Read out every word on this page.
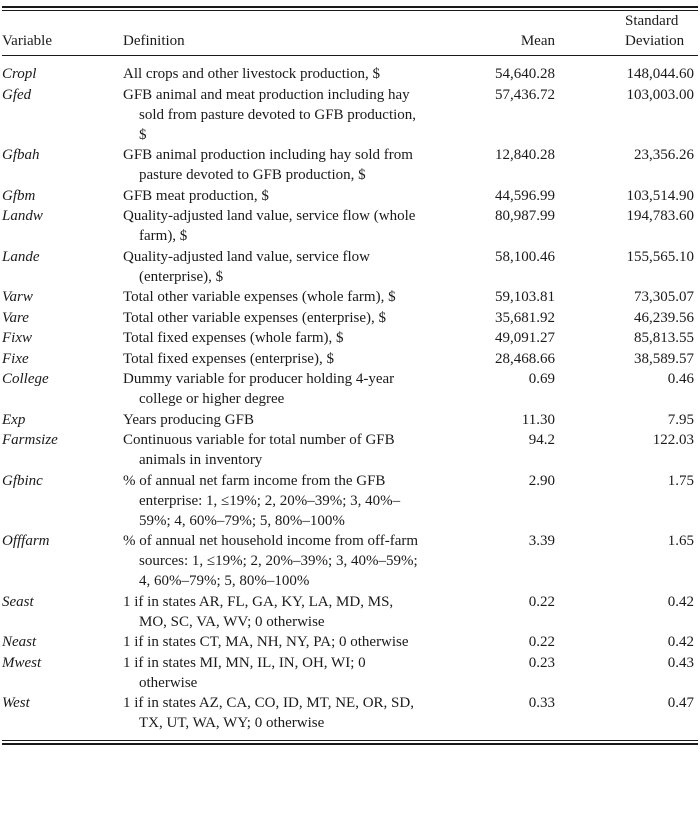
Variable	Definition	Mean	Standard
Deviation

Cropl	All crops and other livestock production, $	54,640.28	148,044.60
Gfed	GFB animal and meat production including hay sold from pasture devoted to GFB production, $	57,436.72	103,003.00
Gfbah	GFB animal production including hay sold from pasture devoted to GFB production, $	12,840.28	23,356.26
Gfbm	GFB meat production, $	44,596.99	103,514.90
Landw	Quality-adjusted land value, service flow (whole farm), $	80,987.99	194,783.60
Lande	Quality-adjusted land value, service flow (enterprise), $	58,100.46	155,565.10
Varw	Total other variable expenses (whole farm), $	59,103.81	73,305.07
Vare	Total other variable expenses (enterprise), $	35,681.92	46,239.56
Fixw	Total fixed expenses (whole farm), $	49,091.27	85,813.55
Fixe	Total fixed expenses (enterprise), $	28,468.66	38,589.57
College	Dummy variable for producer holding 4-year college or higher degree	0.69	0.46
Exp	Years producing GFB	11.30	7.95
Farmsize	Continuous variable for total number of GFB animals in inventory	94.2	122.03
Gfbinc	% of annual net farm income from the GFB enterprise: 1, ≤19%; 2, 20%–39%; 3, 40%–59%; 4, 60%–79%; 5, 80%–100%	2.90	1.75
Offfarm	% of annual net household income from off-farm sources: 1, ≤19%; 2, 20%–39%; 3, 40%–59%; 4, 60%–79%; 5, 80%–100%	3.39	1.65
Seast	1 if in states AR, FL, GA, KY, LA, MD, MS, MO, SC, VA, WV; 0 otherwise	0.22	0.42
Neast	1 if in states CT, MA, NH, NY, PA; 0 otherwise	0.22	0.42
Mwest	1 if in states MI, MN, IL, IN, OH, WI; 0 otherwise	0.23	0.43
West	1 if in states AZ, CA, CO, ID, MT, NE, OR, SD, TX, UT, WA, WY; 0 otherwise	0.33	0.47
